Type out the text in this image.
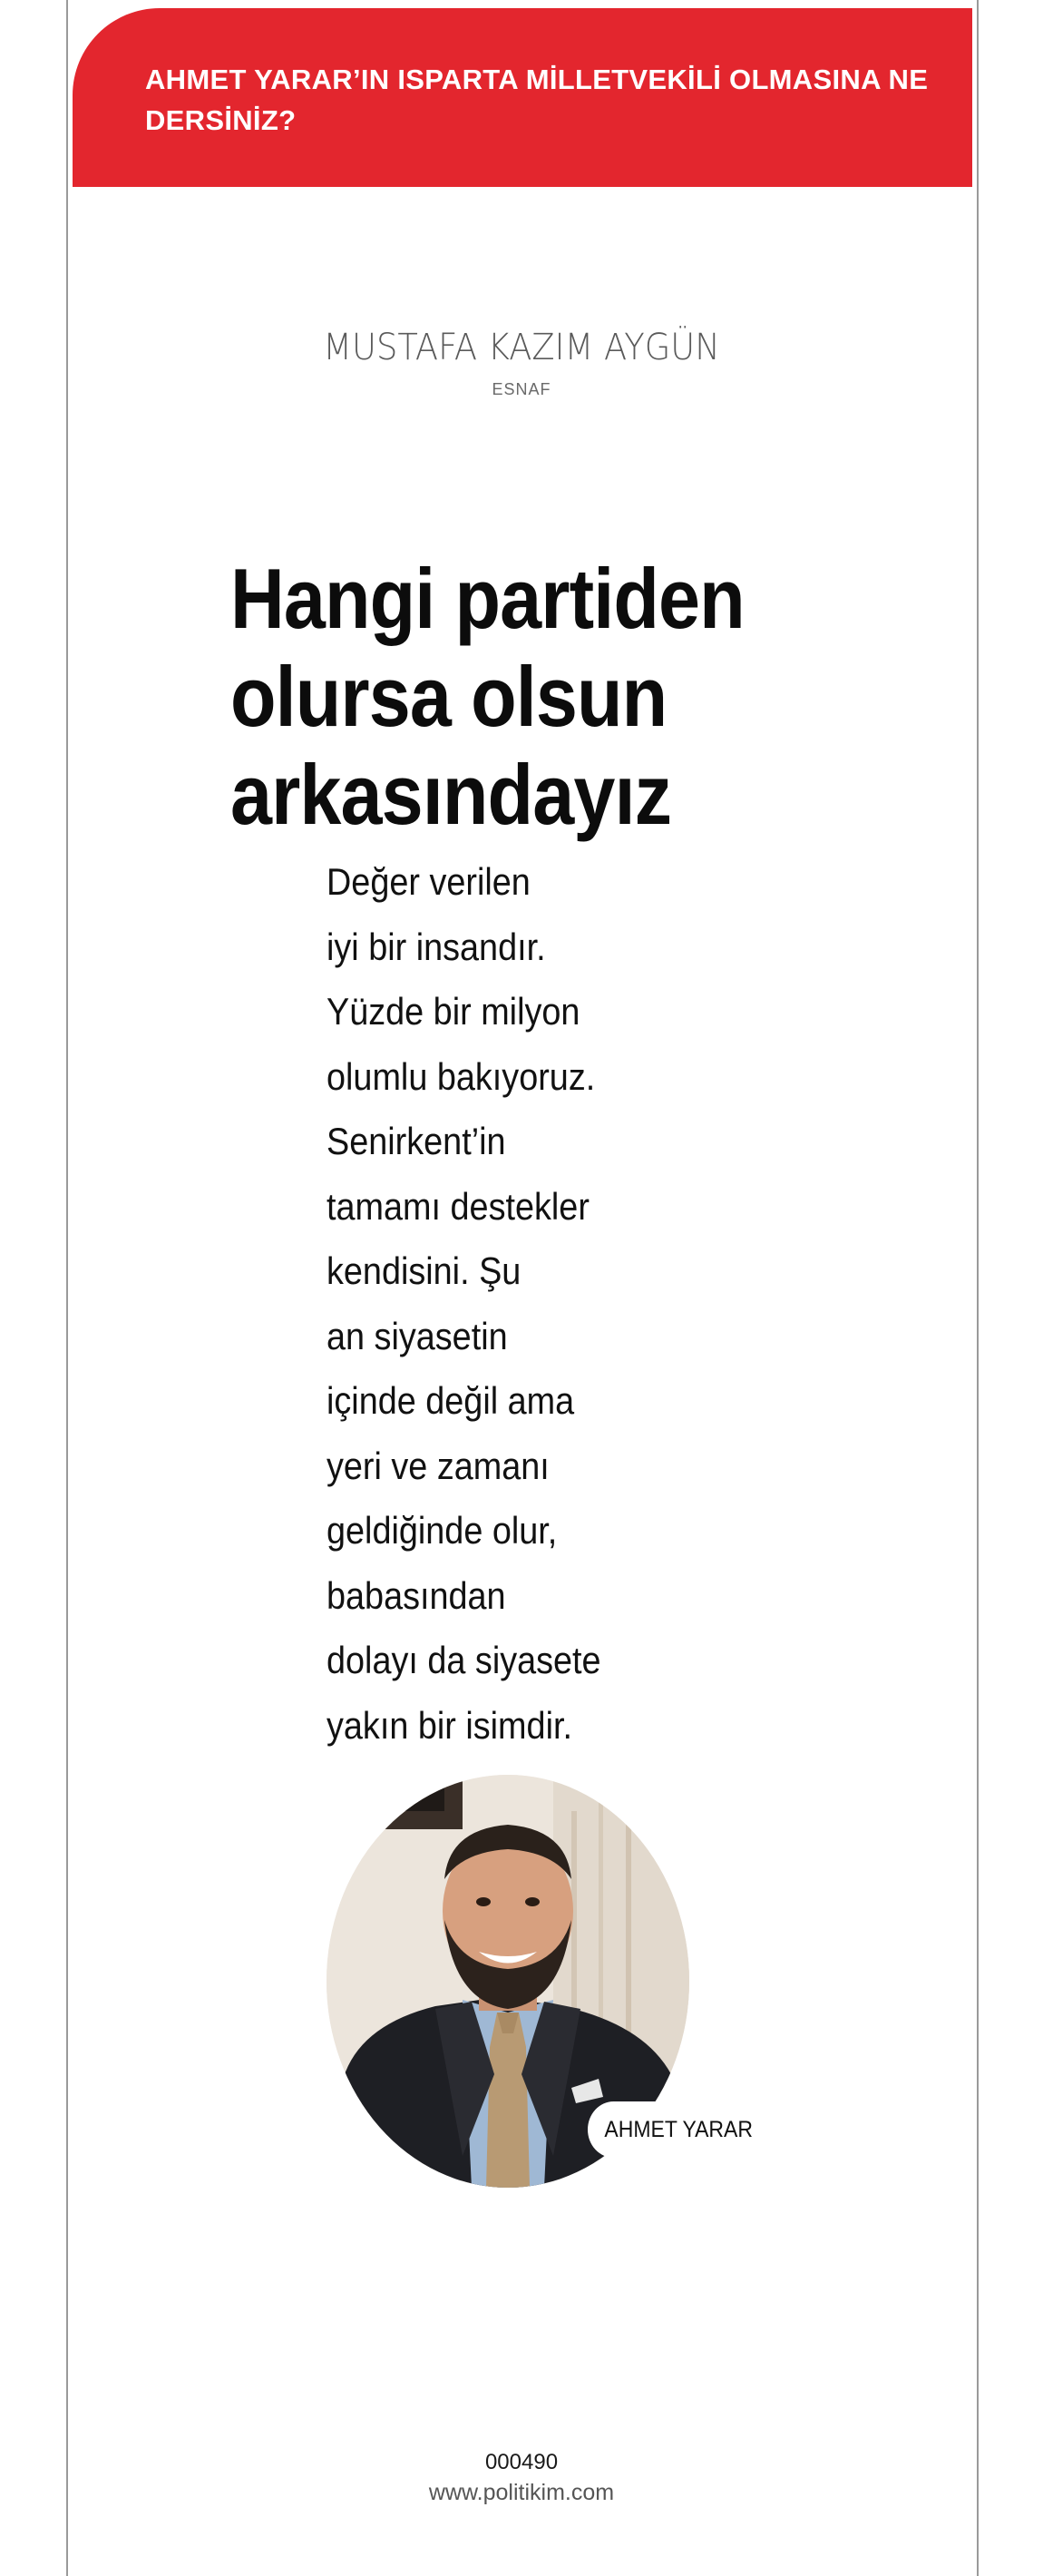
AHMET YARAR’IN ISPARTA MİLLETVEKİLİ OLMASINA NE DERSİNİZ?
MUSTAFA KAZIM AYGÜN
ESNAF
Hangi partiden olursa olsun arkasındayız

Değer verilen
iyi bir insandır.
Yüzde bir milyon
olumlu bakıyoruz.
Senirkent’in
tamamı destekler
kendisini. Şu
an siyasetin
içinde değil ama
yeri ve zamanı
geldiğinde olur,
babasından
dolayı da siyasete
yakın bir isimdir.

AHMET YARAR
000490
www.politikim.com
